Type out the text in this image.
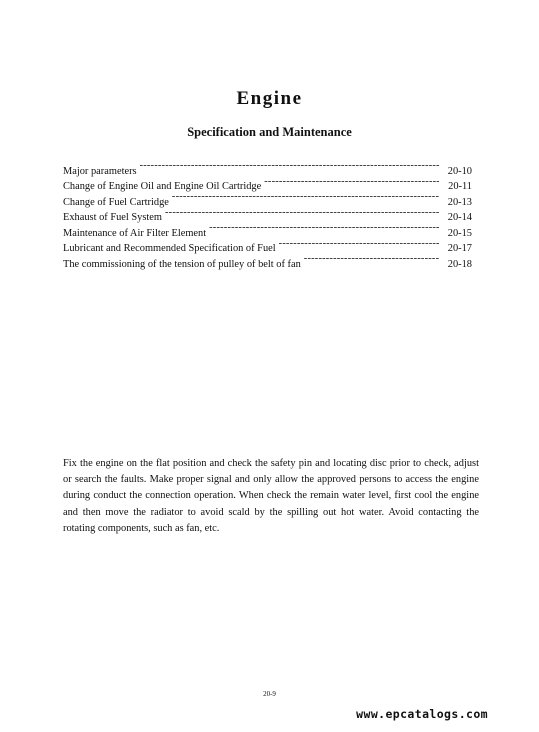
Engine
Specification and Maintenance
Major parameters -----	20-10
Change of Engine Oil and Engine Oil Cartridge -----	20-11
Change of Fuel Cartridge -----	20-13
Exhaust of Fuel System -----	20-14
Maintenance of Air Filter Element -----	20-15
Lubricant and Recommended Specification of Fuel -----	20-17
The commissioning of the tension of pulley of belt of fan -----	20-18

Fix the engine on the flat position and check the safety pin and locating disc prior to check, adjust or search the faults. Make proper signal and only allow the approved persons to access the engine during conduct the connection operation. When check the remain water level, first cool the engine and then move the radiator to avoid scald by the spilling out hot water. Avoid contacting the rotating components, such as fan, etc.

20-9
www.epcatalogs.com
